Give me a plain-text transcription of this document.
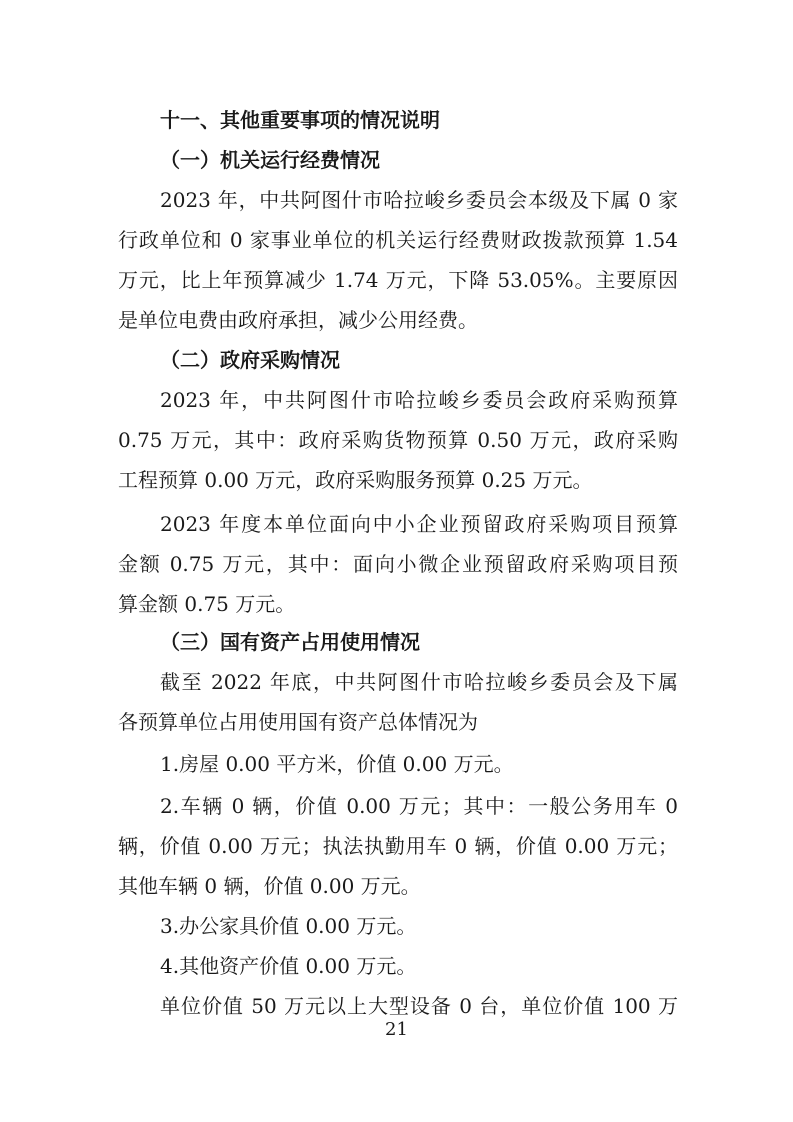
十一、其他重要事项的情况说明
（一）机关运行经费情况
2023 年，中共阿图什市哈拉峻乡委员会本级及下属 0 家
行政单位和 0 家事业单位的机关运行经费财政拨款预算 1.54
万元，比上年预算减少 1.74 万元，下降 53.05%。主要原因
是单位电费由政府承担，减少公用经费。
（二）政府采购情况
2023 年，中共阿图什市哈拉峻乡委员会政府采购预算
0.75 万元，其中：政府采购货物预算 0.50 万元，政府采购
工程预算 0.00 万元，政府采购服务预算 0.25 万元。
2023 年度本单位面向中小企业预留政府采购项目预算
金额 0.75 万元，其中：面向小微企业预留政府采购项目预
算金额 0.75 万元。
（三）国有资产占用使用情况
截至 2022 年底，中共阿图什市哈拉峻乡委员会及下属
各预算单位占用使用国有资产总体情况为
1.房屋 0.00 平方米，价值 0.00 万元。
2.车辆 0 辆，价值 0.00 万元；其中：一般公务用车 0
辆，价值 0.00 万元；执法执勤用车 0 辆，价值 0.00 万元；
其他车辆 0 辆，价值 0.00 万元。
3.办公家具价值 0.00 万元。
4.其他资产价值 0.00 万元。
单位价值 50 万元以上大型设备 0 台，单位价值 100 万
21
